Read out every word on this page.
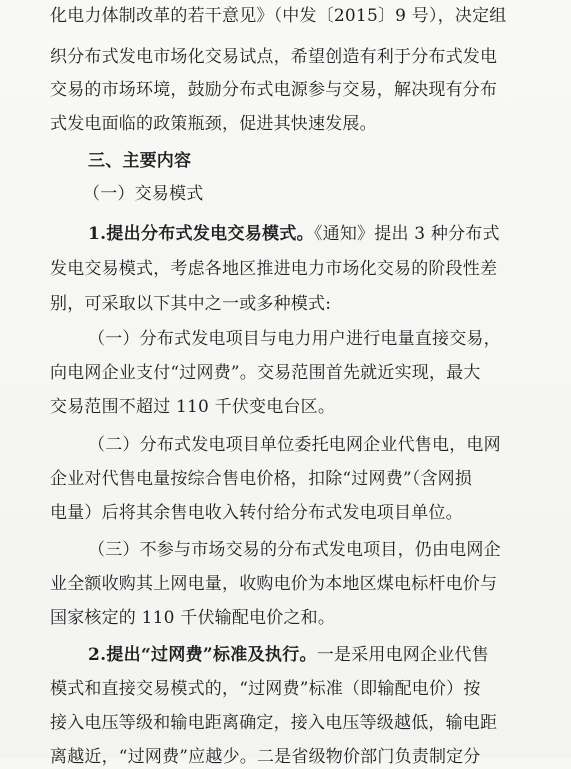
化电力体制改革的若干意见》（中发〔2015〕9 号），决定组
织分布式发电市场化交易试点，希望创造有利于分布式发电
交易的市场环境，鼓励分布式电源参与交易，解决现有分布
式发电面临的政策瓶颈，促进其快速发展。
三、主要内容
（一）交易模式
1.提出分布式发电交易模式。《通知》提出 3 种分布式
发电交易模式，考虑各地区推进电力市场化交易的阶段性差
别，可采取以下其中之一或多种模式:
（一）分布式发电项目与电力用户进行电量直接交易，
向电网企业支付“过网费”。交易范围首先就近实现，最大
交易范围不超过 110 千伏变电台区。
（二）分布式发电项目单位委托电网企业代售电，电网
企业对代售电量按综合售电价格，扣除“过网费”（含网损
电量）后将其余售电收入转付给分布式发电项目单位。
（三）不参与市场交易的分布式发电项目，仍由电网企
业全额收购其上网电量，收购电价为本地区煤电标杆电价与
国家核定的 110 千伏输配电价之和。
2.提出“过网费”标准及执行。一是采用电网企业代售
模式和直接交易模式的，“过网费”标准（即输配电价）按
接入电压等级和输电距离确定，接入电压等级越低，输电距
离越近，“过网费”应越少。二是省级物价部门负责制定分
